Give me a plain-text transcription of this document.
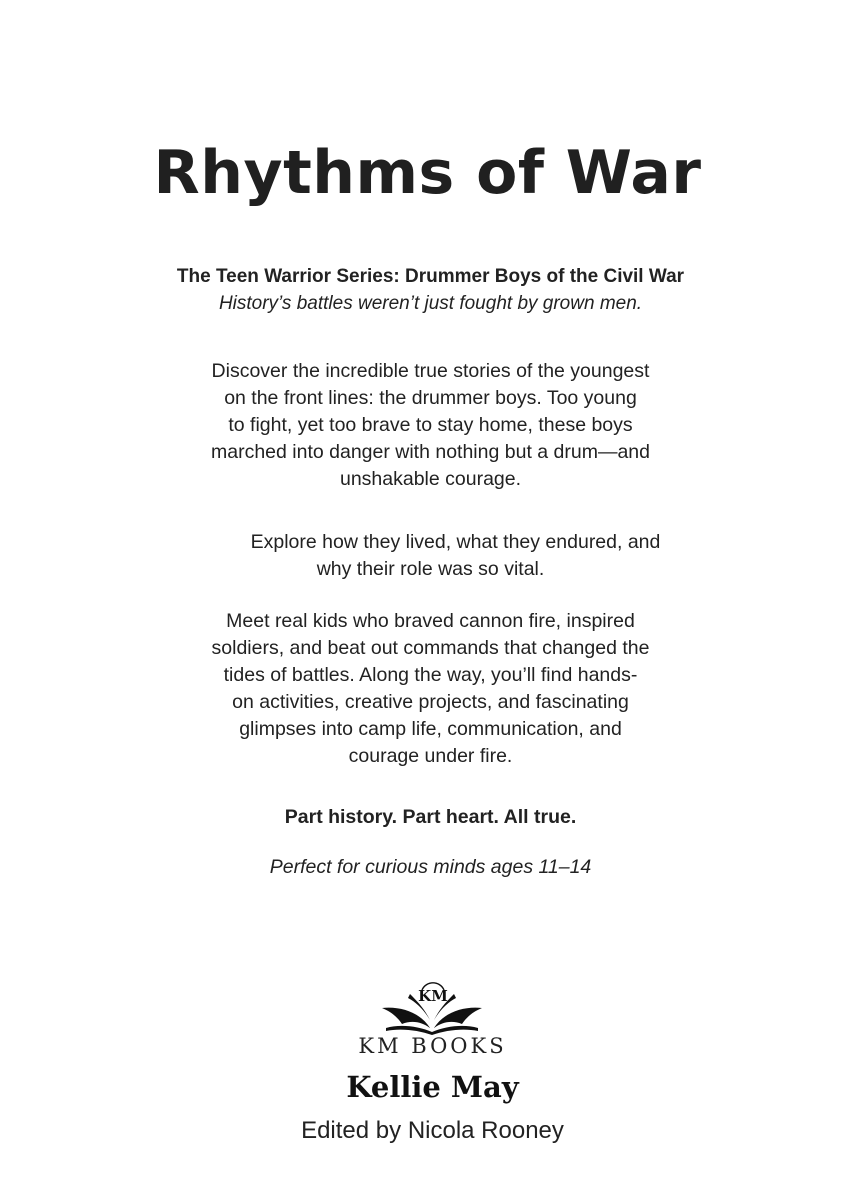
Rhythms of War
The Teen Warrior Series: Drummer Boys of the Civil War
History’s battles weren’t just fought by grown men.
Discover the incredible true stories of the youngest
on the front lines: the drummer boys. Too young
to fight, yet too brave to stay home, these boys
marched into danger with nothing but a drum—and
unshakable courage.
Explore how they lived, what they endured, and
why their role was so vital.
Meet real kids who braved cannon fire, inspired
soldiers, and beat out commands that changed the
tides of battles. Along the way, you’ll find hands-
on activities, creative projects, and fascinating
glimpses into camp life, communication, and
courage under fire.
Part history. Part heart. All true.
Perfect for curious minds ages 11–14
KM
KM BOOKS
Kellie May
Edited by Nicola Rooney
